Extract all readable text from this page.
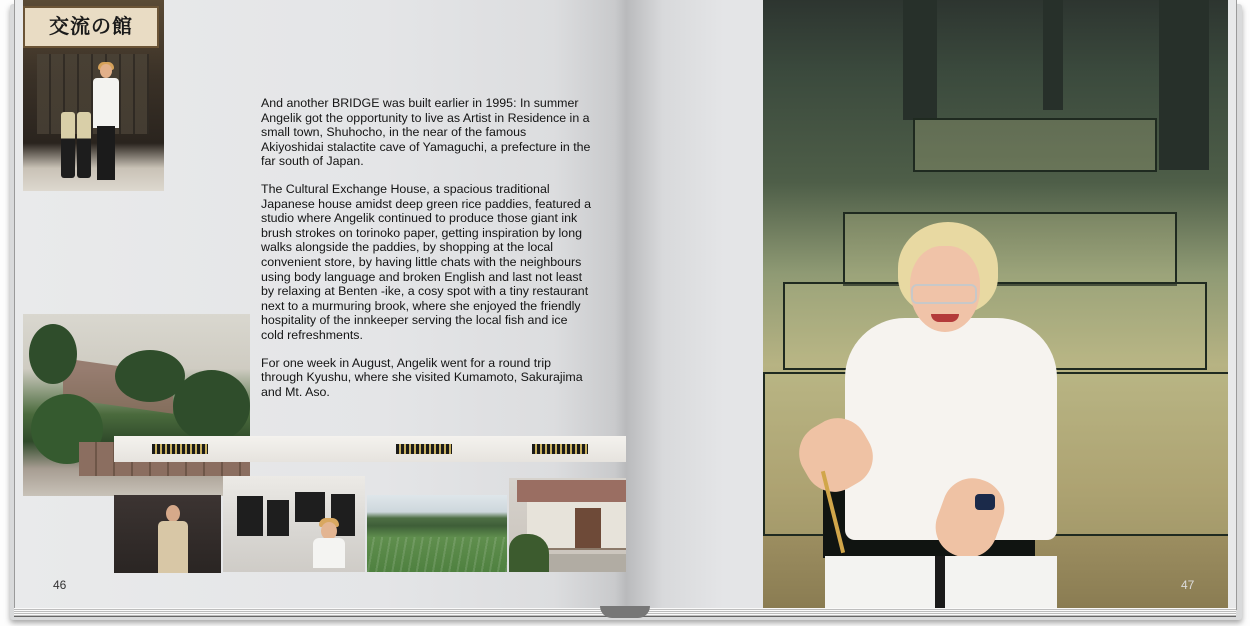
交流の館

And another BRIDGE was built earlier in 1995: In summer Angelik got the opportunity to live as Artist in Residence in a small town, Shuhocho, in the near of the famous Akiyoshidai stalactite cave of Yamaguchi, a prefecture in the far south of Japan.

The Cultural Exchange House, a spacious traditional Japanese house amidst deep green rice paddies, featured a studio where Angelik continued to produce those giant ink brush strokes on torinoko paper, getting inspiration by long walks alongside the paddies, by shopping at the local convenient store, by having little chats with the neighbours using body language and broken English and last not least by relaxing at Benten -ike, a cosy spot with a tiny restaurant next to a murmuring brook, where she enjoyed the friendly hospitality of the innkeeper serving the local fish and ice cold refreshments.

For one week in August, Angelik went for a round trip through Kyushu, where she visited Kumamoto, Sakurajima and Mt. Aso.

46	47
